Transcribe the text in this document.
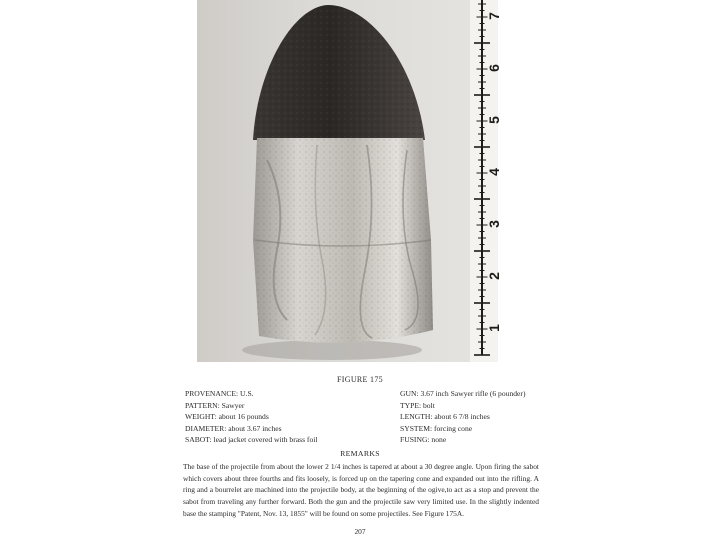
7
6
5
4
3
2
1
FIGURE 175
PROVENANCE: U.S.
PATTERN: Sawyer
WEIGHT: about 16 pounds
DIAMETER: about 3.67 inches
SABOT: lead jacket covered with brass foil
GUN: 3.67 inch Sawyer rifle (6 pounder)
TYPE: bolt
LENGTH: about 6 7/8 inches
SYSTEM: forcing cone
FUSING: none
REMARKS
The base of the projectile from about the lower 2 1/4 inches is tapered at about a 30 degree angle. Upon firing the sabot which covers about three fourths and fits loosely, is forced up on the tapering cone and expanded out into the rifling. A ring and a bourrelet are machined into the projectile body, at the beginning of the ogive,to act as a stop and prevent the sabot from traveling any further forward. Both the gun and the projectile saw very limited use. In the slightly indented base the stamping "Patent, Nov. 13, 1855" will be found on some projectiles. See Figure 175A.
207
